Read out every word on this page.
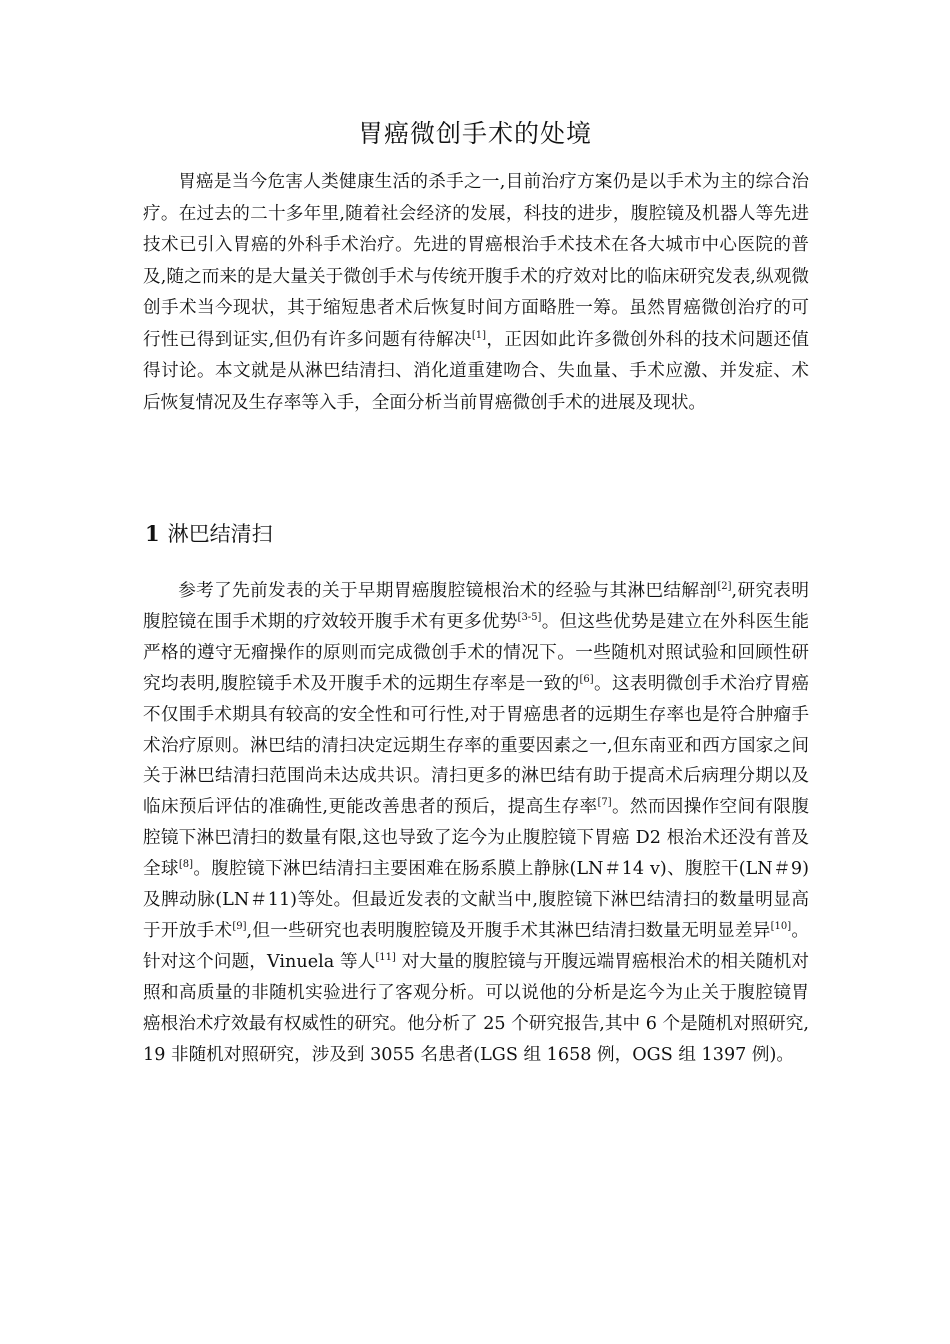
胃癌微创手术的处境

胃癌是当今危害人类健康生活的杀手之一,目前治疗方案仍是以手术为主的综合治疗。在过去的二十多年里,随着社会经济的发展，科技的进步，腹腔镜及机器人等先进技术已引入胃癌的外科手术治疗。先进的胃癌根治手术技术在各大城市中心医院的普及,随之而来的是大量关于微创手术与传统开腹手术的疗效对比的临床研究发表,纵观微创手术当今现状，其于缩短患者术后恢复时间方面略胜一筹。虽然胃癌微创治疗的可行性已得到证实,但仍有许多问题有待解决[1]，正因如此许多微创外科的技术问题还值得讨论。本文就是从淋巴结清扫、消化道重建吻合、失血量、手术应激、并发症、术后恢复情况及生存率等入手，全面分析当前胃癌微创手术的进展及现状。

1 淋巴结清扫

参考了先前发表的关于早期胃癌腹腔镜根治术的经验与其淋巴结解剖[2],研究表明腹腔镜在围手术期的疗效较开腹手术有更多优势[3-5]。但这些优势是建立在外科医生能严格的遵守无瘤操作的原则而完成微创手术的情况下。一些随机对照试验和回顾性研究均表明,腹腔镜手术及开腹手术的远期生存率是一致的[6]。这表明微创手术治疗胃癌不仅围手术期具有较高的安全性和可行性,对于胃癌患者的远期生存率也是符合肿瘤手术治疗原则。淋巴结的清扫决定远期生存率的重要因素之一,但东南亚和西方国家之间关于淋巴结清扫范围尚未达成共识。清扫更多的淋巴结有助于提高术后病理分期以及临床预后评估的准确性,更能改善患者的预后，提高生存率[7]。然而因操作空间有限腹腔镜下淋巴清扫的数量有限,这也导致了迄今为止腹腔镜下胃癌 D2 根治术还没有普及全球[8]。腹腔镜下淋巴结清扫主要困难在肠系膜上静脉(LN＃14 v)、腹腔干(LN＃9)及脾动脉(LN＃11)等处。但最近发表的文献当中,腹腔镜下淋巴结清扫的数量明显高于开放手术[9],但一些研究也表明腹腔镜及开腹手术其淋巴结清扫数量无明显差异[10]。针对这个问题，Vinuela 等人[11] 对大量的腹腔镜与开腹远端胃癌根治术的相关随机对照和高质量的非随机实验进行了客观分析。可以说他的分析是迄今为止关于腹腔镜胃癌根治术疗效最有权威性的研究。他分析了 25 个研究报告,其中 6 个是随机对照研究,19 非随机对照研究，涉及到 3055 名患者(LGS 组 1658 例，OGS 组 1397 例)。
